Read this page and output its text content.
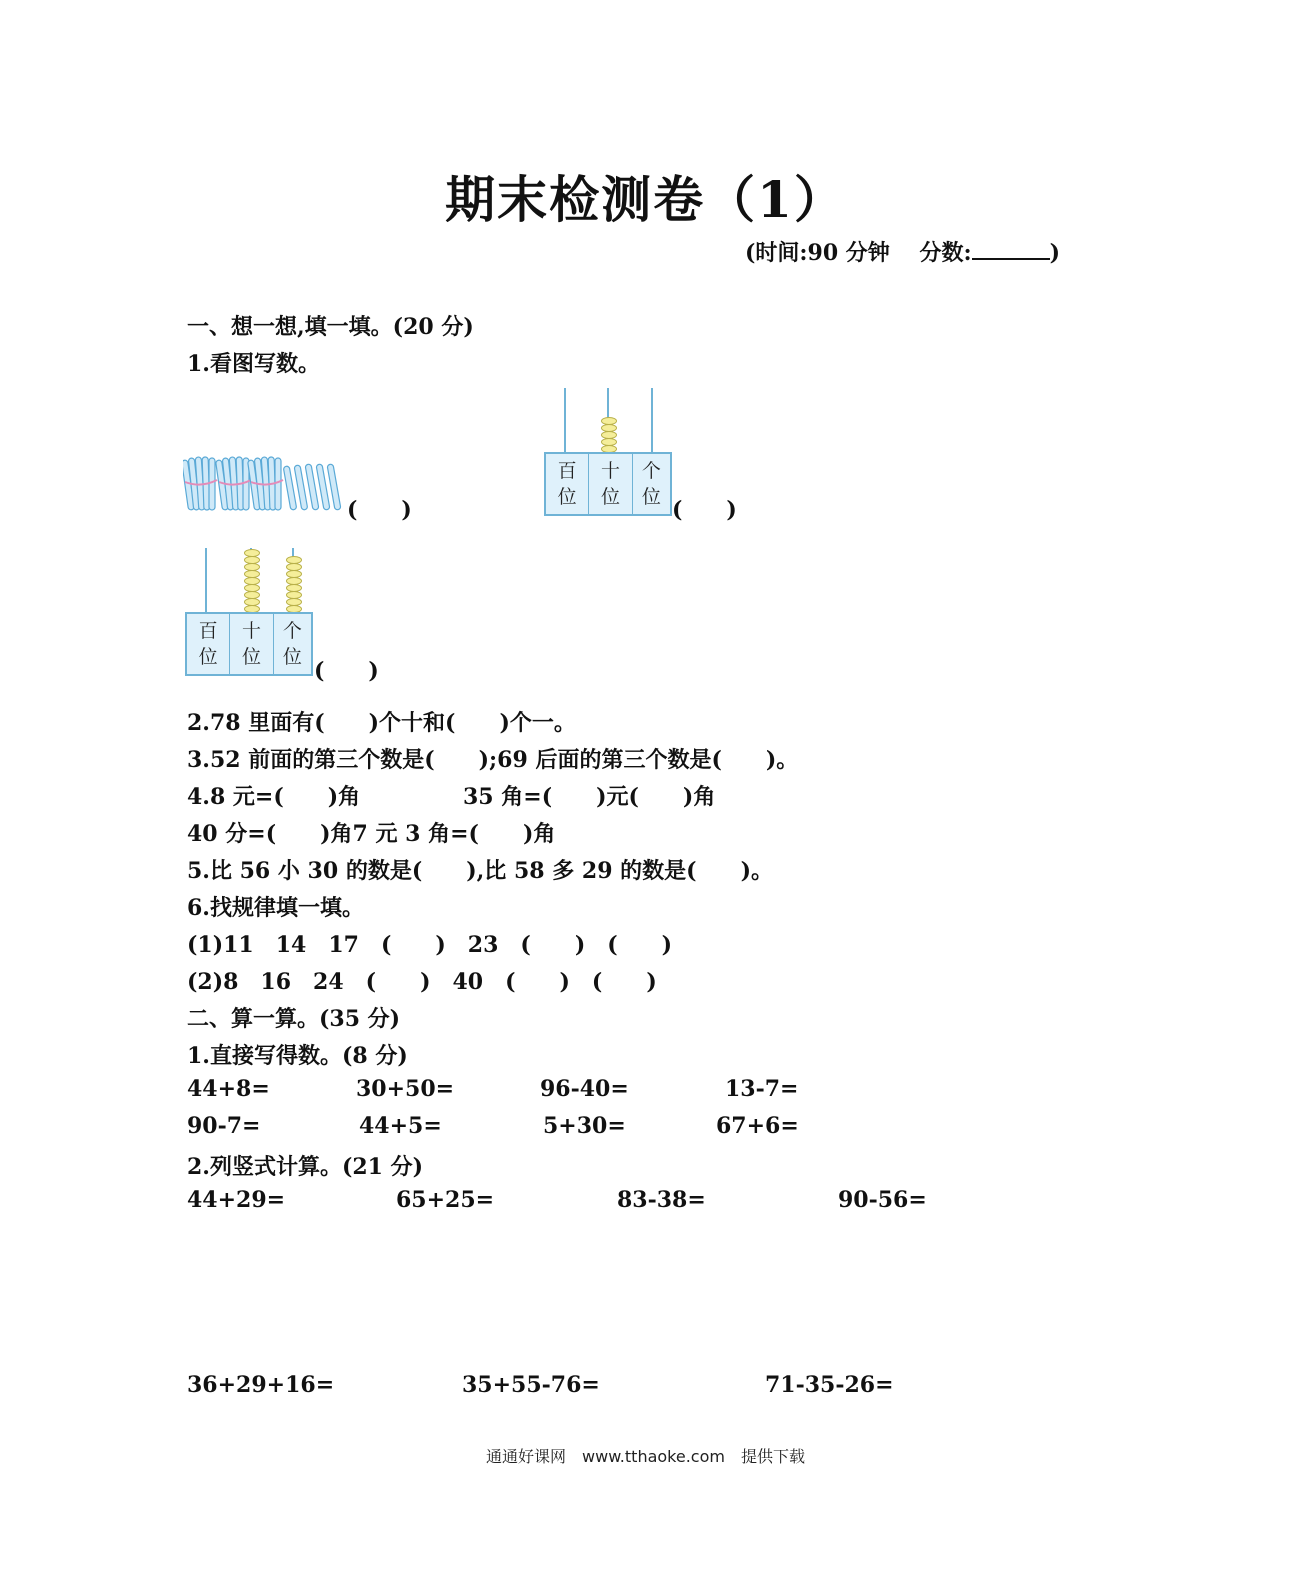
期末检测卷（1）
(时间:90 分钟　 分数:	)
一、想一想,填一填。(20 分)
1.看图写数。
(　　)
百
位
十
位
个
位 (　　)
百
位
十
位
个
位
(　　)
2.78 里面有(　　)个十和(　　)个一。
3.52 前面的第三个数是(　　);69 后面的第三个数是(　　)。
4.8 元=(　　)角	35 角=(　　)元(　　)角
40 分=(　　)角7 元 3 角=(　　)角
5.比 56 小 30 的数是(　　),比 58 多 29 的数是(　　)。
6.找规律填一填。
(1)11　14　17　(　　)　23　(　　)　(　　)
(2)8　16　24　(　　)　40　(　　)　(　　)
二、算一算。(35 分)
1.直接写得数。(8 分)
44+8=	30+50=	96-40=	13-7=
90-7=	44+5=	5+30=	67+6=
2.列竖式计算。(21 分)
44+29=	65+25=	83-38=	90-56=
36+29+16=	35+55-76=	71-35-26=
通通好课网　www.tthaoke.com　提供下载
